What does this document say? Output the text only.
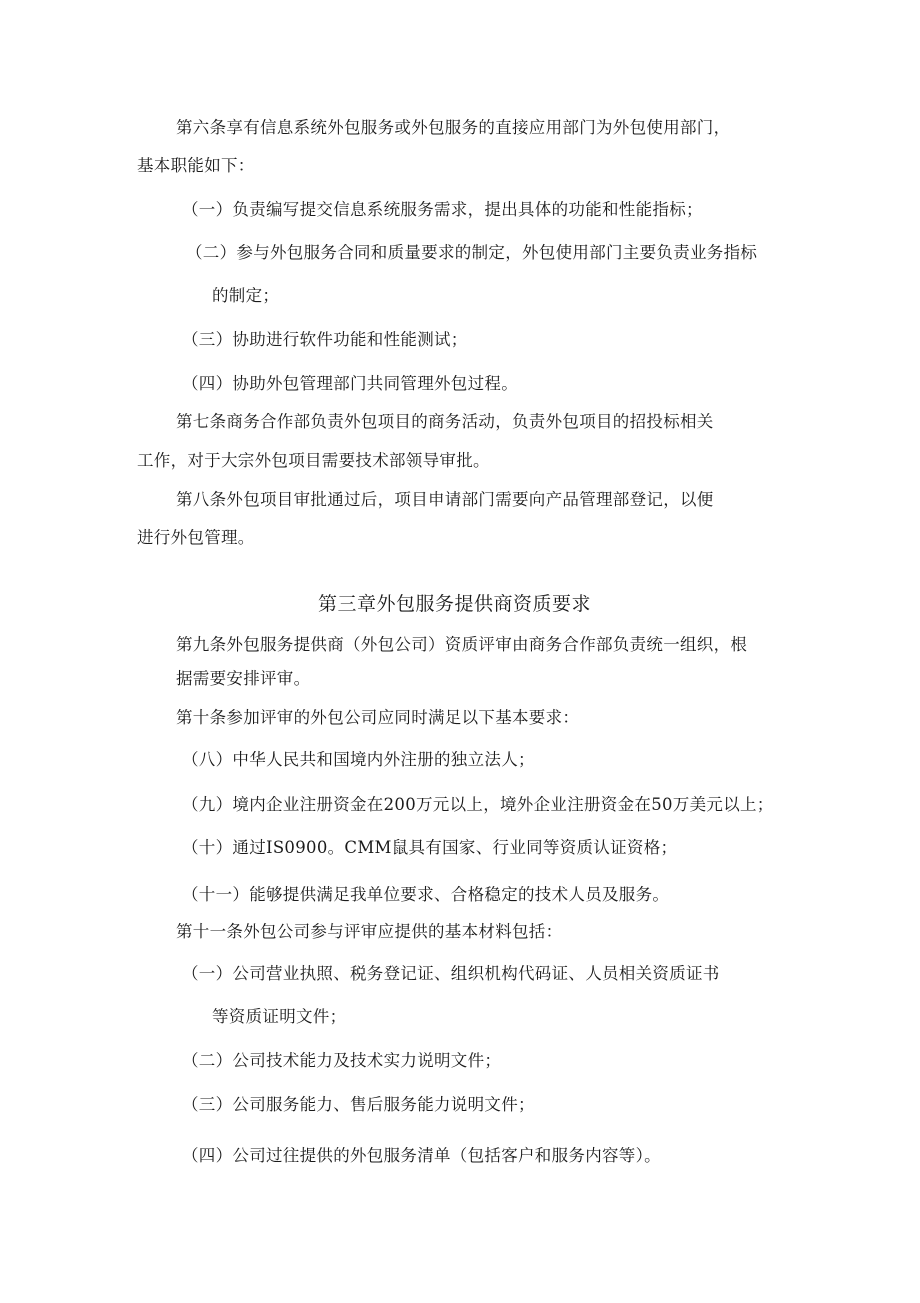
第六条享有信息系统外包服务或外包服务的直接应用部门为外包使用部门，
基本职能如下：
（一）负责编写提交信息系统服务需求，提出具体的功能和性能指标；
（二）参与外包服务合同和质量要求的制定，外包使用部门主要负责业务指标
的制定；
（三）协助进行软件功能和性能测试；
（四）协助外包管理部门共同管理外包过程。
第七条商务合作部负责外包项目的商务活动，负责外包项目的招投标相关
工作，对于大宗外包项目需要技术部领导审批。
第八条外包项目审批通过后，项目申请部门需要向产品管理部登记，以便
进行外包管理。
第三章外包服务提供商资质要求
第九条外包服务提供商（外包公司）资质评审由商务合作部负责统一组织，根
据需要安排评审。
第十条参加评审的外包公司应同时满足以下基本要求：
（八）中华人民共和国境内外注册的独立法人；
（九）境内企业注册资金在200万元以上，境外企业注册资金在50万美元以上；
（十）通过IS0900。CMM鼠具有国家、行业同等资质认证资格；
（十一）能够提供满足我单位要求、合格稳定的技术人员及服务。
第十一条外包公司参与评审应提供的基本材料包括：
（一）公司营业执照、税务登记证、组织机构代码证、人员相关资质证书
等资质证明文件；
（二）公司技术能力及技术实力说明文件；
（三）公司服务能力、售后服务能力说明文件；
（四）公司过往提供的外包服务清单（包括客户和服务内容等）。
